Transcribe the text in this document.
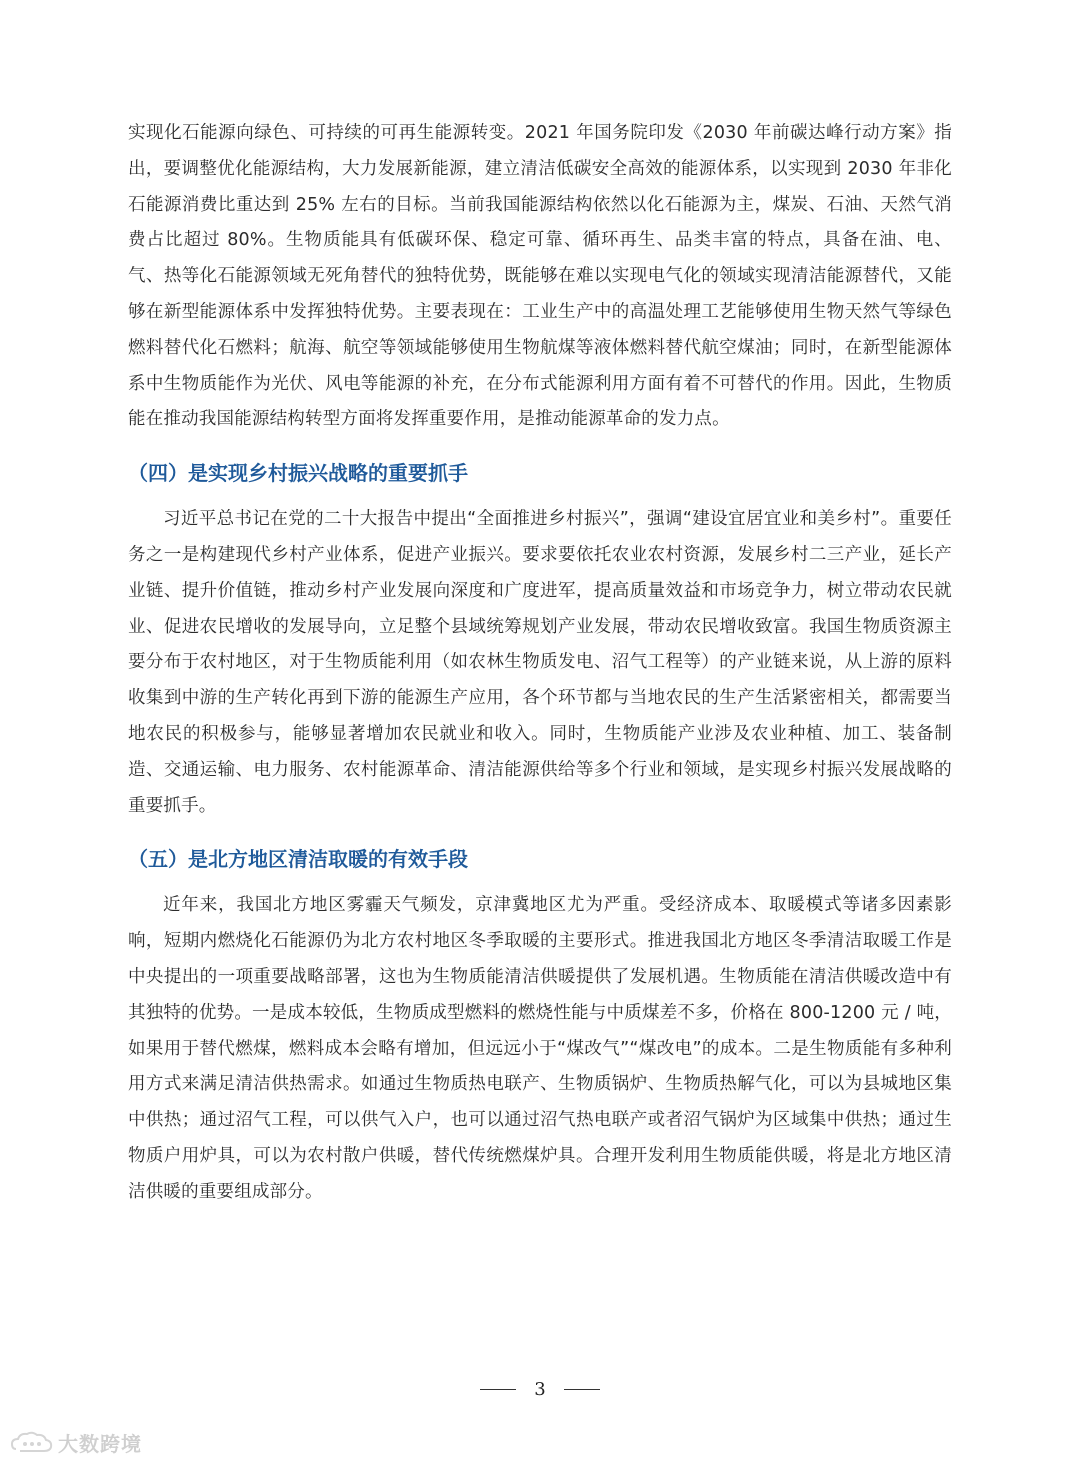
实现化石能源向绿色、可持续的可再生能源转变。2021 年国务院印发《2030 年前碳达峰行动方案》指出，要调整优化能源结构，大力发展新能源，建立清洁低碳安全高效的能源体系，以实现到 2030 年非化石能源消费比重达到 25% 左右的目标。当前我国能源结构依然以化石能源为主，煤炭、石油、天然气消费占比超过 80%。生物质能具有低碳环保、稳定可靠、循环再生、品类丰富的特点，具备在油、电、气、热等化石能源领域无死角替代的独特优势，既能够在难以实现电气化的领域实现清洁能源替代，又能够在新型能源体系中发挥独特优势。主要表现在：工业生产中的高温处理工艺能够使用生物天然气等绿色燃料替代化石燃料；航海、航空等领域能够使用生物航煤等液体燃料替代航空煤油；同时，在新型能源体系中生物质能作为光伏、风电等能源的补充，在分布式能源利用方面有着不可替代的作用。因此，生物质能在推动我国能源结构转型方面将发挥重要作用，是推动能源革命的发力点。

（四）是实现乡村振兴战略的重要抓手

习近平总书记在党的二十大报告中提出“全面推进乡村振兴”，强调“建设宜居宜业和美乡村”。重要任务之一是构建现代乡村产业体系，促进产业振兴。要求要依托农业农村资源，发展乡村二三产业，延长产业链、提升价值链，推动乡村产业发展向深度和广度进军，提高质量效益和市场竞争力，树立带动农民就业、促进农民增收的发展导向，立足整个县域统筹规划产业发展，带动农民增收致富。我国生物质资源主要分布于农村地区，对于生物质能利用（如农林生物质发电、沼气工程等）的产业链来说，从上游的原料收集到中游的生产转化再到下游的能源生产应用，各个环节都与当地农民的生产生活紧密相关，都需要当地农民的积极参与，能够显著增加农民就业和收入。同时，生物质能产业涉及农业种植、加工、装备制造、交通运输、电力服务、农村能源革命、清洁能源供给等多个行业和领域，是实现乡村振兴发展战略的重要抓手。

（五）是北方地区清洁取暖的有效手段

近年来，我国北方地区雾霾天气频发，京津冀地区尤为严重。受经济成本、取暖模式等诸多因素影响，短期内燃烧化石能源仍为北方农村地区冬季取暖的主要形式。推进我国北方地区冬季清洁取暖工作是中央提出的一项重要战略部署，这也为生物质能清洁供暖提供了发展机遇。生物质能在清洁供暖改造中有其独特的优势。一是成本较低，生物质成型燃料的燃烧性能与中质煤差不多，价格在 800-1200 元 / 吨，如果用于替代燃煤，燃料成本会略有增加，但远远小于“煤改气”“煤改电”的成本。二是生物质能有多种利用方式来满足清洁供热需求。如通过生物质热电联产、生物质锅炉、生物质热解气化，可以为县城地区集中供热；通过沼气工程，可以供气入户，也可以通过沼气热电联产或者沼气锅炉为区域集中供热；通过生物质户用炉具，可以为农村散户供暖，替代传统燃煤炉具。合理开发利用生物质能供暖，将是北方地区清洁供暖的重要组成部分。

3
大数跨境
